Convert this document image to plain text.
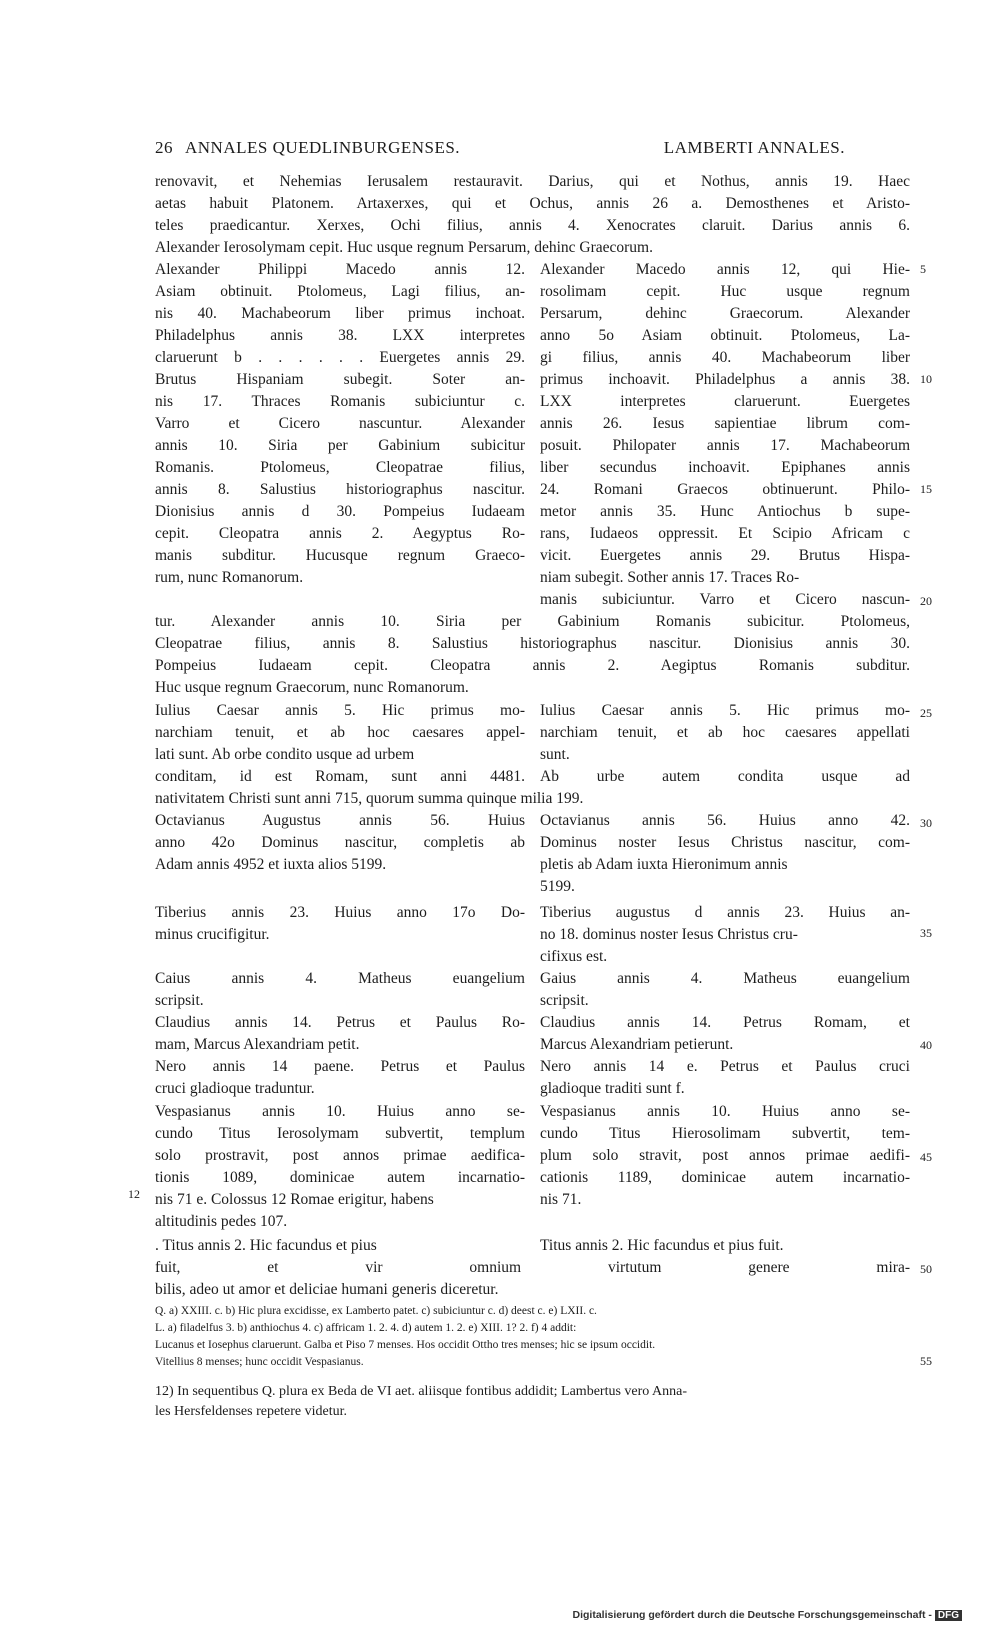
26 ANNALES QUEDLINBURGENSES.	LAMBERTI ANNALES.
renovavit, et Nehemias Ierusalem restauravit. Darius, qui et Nothus, annis 19. Haec
aetas habuit Platonem. Artaxerxes, qui et Ochus, annis 26 a. Demosthenes et Aristo-
teles praedicantur. Xerxes, Ochi filius, annis 4. Xenocrates claruit. Darius annis 6.
Alexander Ierosolymam cepit. Huc usque regnum Persarum, dehinc Graecorum.
Alexander Philippi Macedo annis 12. Alexander Macedo annis 12, qui Hie-
Asiam obtinuit. Ptolomeus, Lagi filius, an- rosolimam cepit. Huc usque regnum
nis 40. Machabeorum liber primus inchoat. Persarum, dehinc Graecorum. Alexander
Philadelphus annis 38. LXX interpretes anno 5o Asiam obtinuit. Ptolomeus, La-
claruerunt b . . . . . . Euergetes annis 29. gi filius, annis 40. Machabeorum liber
Brutus Hispaniam subegit. Soter an- primus inchoavit. Philadelphus a annis 38.
nis 17. Thraces Romanis subiciuntur c. LXX interpretes claruerunt. Euergetes
Varro et Cicero nascuntur. Alexander annis 26. Iesus sapientiae librum com-
annis 10. Siria per Gabinium subicitur posuit. Philopater annis 17. Machabeorum
Romanis. Ptolomeus, Cleopatrae filius, liber secundus inchoavit. Epiphanes annis
annis 8. Salustius historiographus nascitur. 24. Romani Graecos obtinuerunt. Philo-
Dionisius annis d 30. Pompeius Iudaeam metor annis 35. Hunc Antiochus b supe-
cepit. Cleopatra annis 2. Aegyptus Ro- rans, Iudaeos oppressit. Et Scipio Africam c
manis subditur. Hucusque regnum Graeco- vicit. Euergetes annis 29. Brutus Hispa-
rum, nunc Romanorum.	niam subegit. Sother annis 17. Traces Ro-
manis subiciuntur. Varro et Cicero nascun-
tur. Alexander annis 10. Siria per Gabinium Romanis subicitur. Ptolomeus,
Cleopatrae filius, annis 8. Salustius historiographus nascitur. Dionisius annis 30.
Pompeius Iudaeam cepit. Cleopatra annis 2. Aegiptus Romanis subditur.
Huc usque regnum Graecorum, nunc Romanorum.
Iulius Caesar annis 5. Hic primus mo- Iulius Caesar annis 5. Hic primus mo-
narchiam tenuit, et ab hoc caesares appel- narchiam tenuit, et ab hoc caesares appellati
lati sunt. Ab orbe condito usque ad urbem	sunt.
conditam, id est Romam, sunt anni 4481. Ab urbe autem condita usque ad
nativitatem Christi sunt anni 715, quorum summa quinque milia 199.
Octavianus Augustus annis 56. Huius Octavianus annis 56. Huius anno 42.
anno 42o Dominus nascitur, completis ab Dominus noster Iesus Christus nascitur, com-
Adam annis 4952 et iuxta alios 5199.	pletis ab Adam iuxta Hieronimum annis
5199.
Tiberius annis 23. Huius anno 17o Do- Tiberius augustus d annis 23. Huius an-
minus crucifigitur.	no 18. dominus noster Iesus Christus cru-
cifixus est.
Caius annis 4. Matheus euangelium Gaius annis 4. Matheus euangelium
scripsit.	scripsit.
Claudius annis 14. Petrus et Paulus Ro- Claudius annis 14. Petrus Romam, et
mam, Marcus Alexandriam petit.	Marcus Alexandriam petierunt.
Nero annis 14 paene. Petrus et Paulus Nero annis 14 e. Petrus et Paulus cruci
cruci gladioque traduntur.	gladioque traditi sunt f.
Vespasianus annis 10. Huius anno se- Vespasianus annis 10. Huius anno se-
cundo Titus Ierosolymam subvertit, templum cundo Titus Hierosolimam subvertit, tem-
solo prostravit, post annos primae aedifica- plum solo stravit, post annos primae aedifi-
tionis 1089, dominicae autem incarnatio- cationis 1189, dominicae autem incarnatio-
nis 71 e. Colossus 12 Romae erigitur, habens	nis 71.
altitudinis pedes 107.
. Titus annis 2. Hic facundus et pius	Titus annis 2. Hic facundus et pius fuit.
fuit, et vir omnium virtutum genere mira-
bilis, adeo ut amor et deliciae humani generis diceretur.
5
10
15
20
25
30
35
40
45
50
55
12
Q. a) XXIII. c. b) Hic plura excidisse, ex Lamberto patet. c) subiciuntur c. d) deest c. e) LXII. c.
L. a) filadelfus 3. b) anthiochus 4. c) affricam 1. 2. 4. d) autem 1. 2. e) XIII. 1? 2. f) 4 addit:
Lucanus et Iosephus claruerunt. Galba et Piso 7 menses. Hos occidit Ottho tres menses; hic se ipsum occidit.
Vitellius 8 menses; hunc occidit Vespasianus.
12) In sequentibus Q. plura ex Beda de VI aet. aliisque fontibus addidit; Lambertus vero Anna-
les Hersfeldenses repetere videtur.
Digitalisierung gefördert durch die Deutsche Forschungsgemeinschaft - DFG
